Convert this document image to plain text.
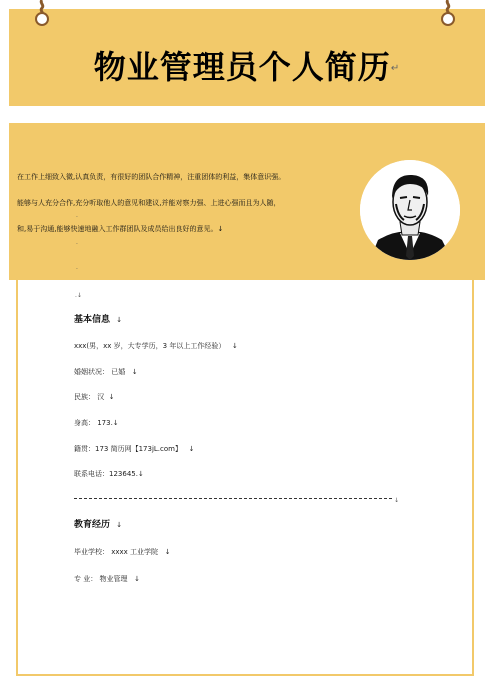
物业管理员个人简历↵
在工作上细致入微,认真负责，有很好的团队合作精神，注重团体的利益，集体意识强。
能够与人充分合作,充分听取他人的意见和建议,并能对察力强、上进心强而且为人随，
和,易于沟通,能够快速地融入工作群团队及成员给出良好的意见。↓
.
.
.
.↓
基本信息 ↓
xxx(男，xx 岁，大专学历，3 年以上工作经验） ↓
婚姻状况： 已婚 ↓
民族： 汉 ↓
身高： 173.↓
籍贯：173 简历网【173jL.com】 ↓
联系电话：123645.↓
↓
教育经历 ↓
毕业学校： xxxx 工业学院 ↓
专 业： 物业管理 ↓
